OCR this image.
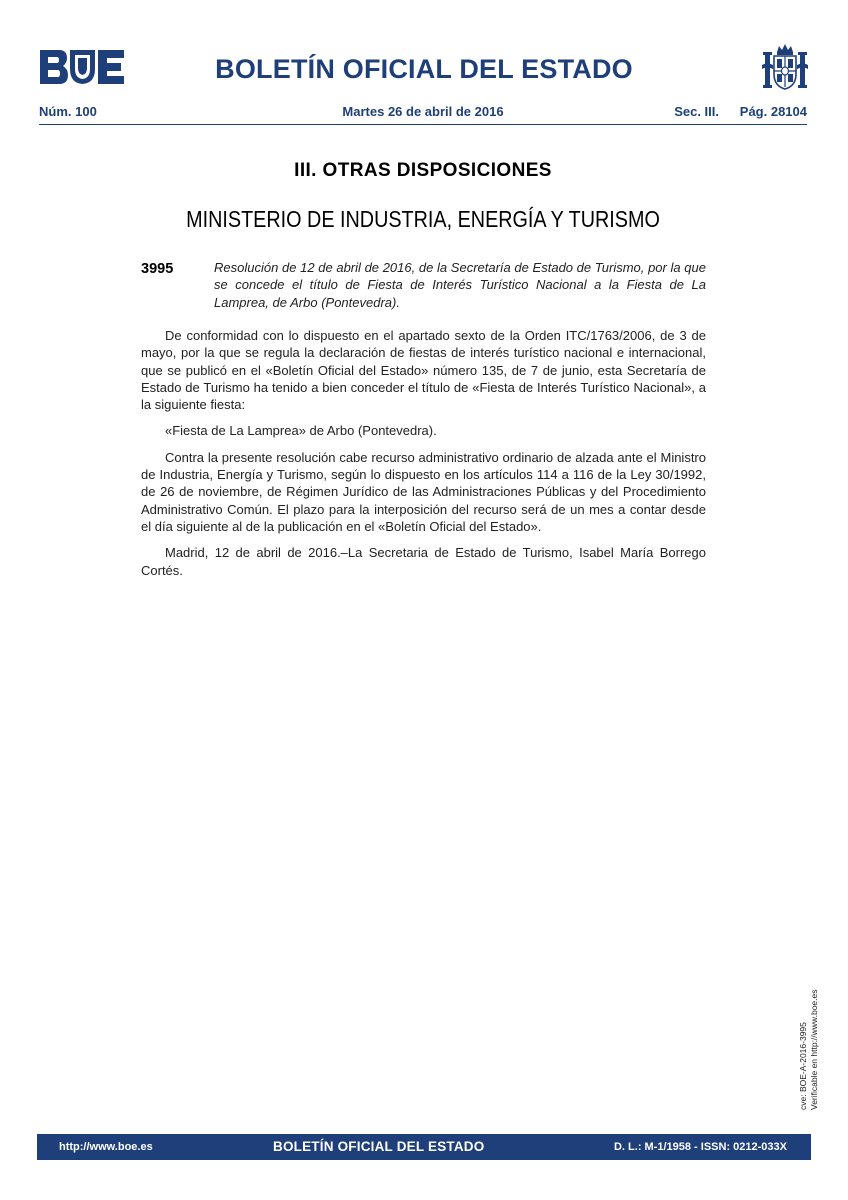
BOLETÍN OFICIAL DEL ESTADO
Núm. 100	Martes 26 de abril de 2016	Sec. III. Pág. 28104
III. OTRAS DISPOSICIONES
MINISTERIO DE INDUSTRIA, ENERGÍA Y TURISMO
3995	Resolución de 12 de abril de 2016, de la Secretaría de Estado de Turismo, por la que se concede el título de Fiesta de Interés Turístico Nacional a la Fiesta de La Lamprea, de Arbo (Pontevedra).

De conformidad con lo dispuesto en el apartado sexto de la Orden ITC/1763/2006, de 3 de mayo, por la que se regula la declaración de fiestas de interés turístico nacional e internacional, que se publicó en el «Boletín Oficial del Estado» número 135, de 7 de junio, esta Secretaría de Estado de Turismo ha tenido a bien conceder el título de «Fiesta de Interés Turístico Nacional», a la siguiente fiesta:

«Fiesta de La Lamprea» de Arbo (Pontevedra).

Contra la presente resolución cabe recurso administrativo ordinario de alzada ante el Ministro de Industria, Energía y Turismo, según lo dispuesto en los artículos 114 a 116 de la Ley 30/1992, de 26 de noviembre, de Régimen Jurídico de las Administraciones Públicas y del Procedimiento Administrativo Común. El plazo para la interposición del recurso será de un mes a contar desde el día siguiente al de la publicación en el «Boletín Oficial del Estado».

Madrid, 12 de abril de 2016.–La Secretaria de Estado de Turismo, Isabel María Borrego Cortés.

cve: BOE-A-2016-3995 Verificable en http://www.boe.es
http://www.boe.es	BOLETÍN OFICIAL DEL ESTADO	D. L.: M-1/1958 - ISSN: 0212-033X
